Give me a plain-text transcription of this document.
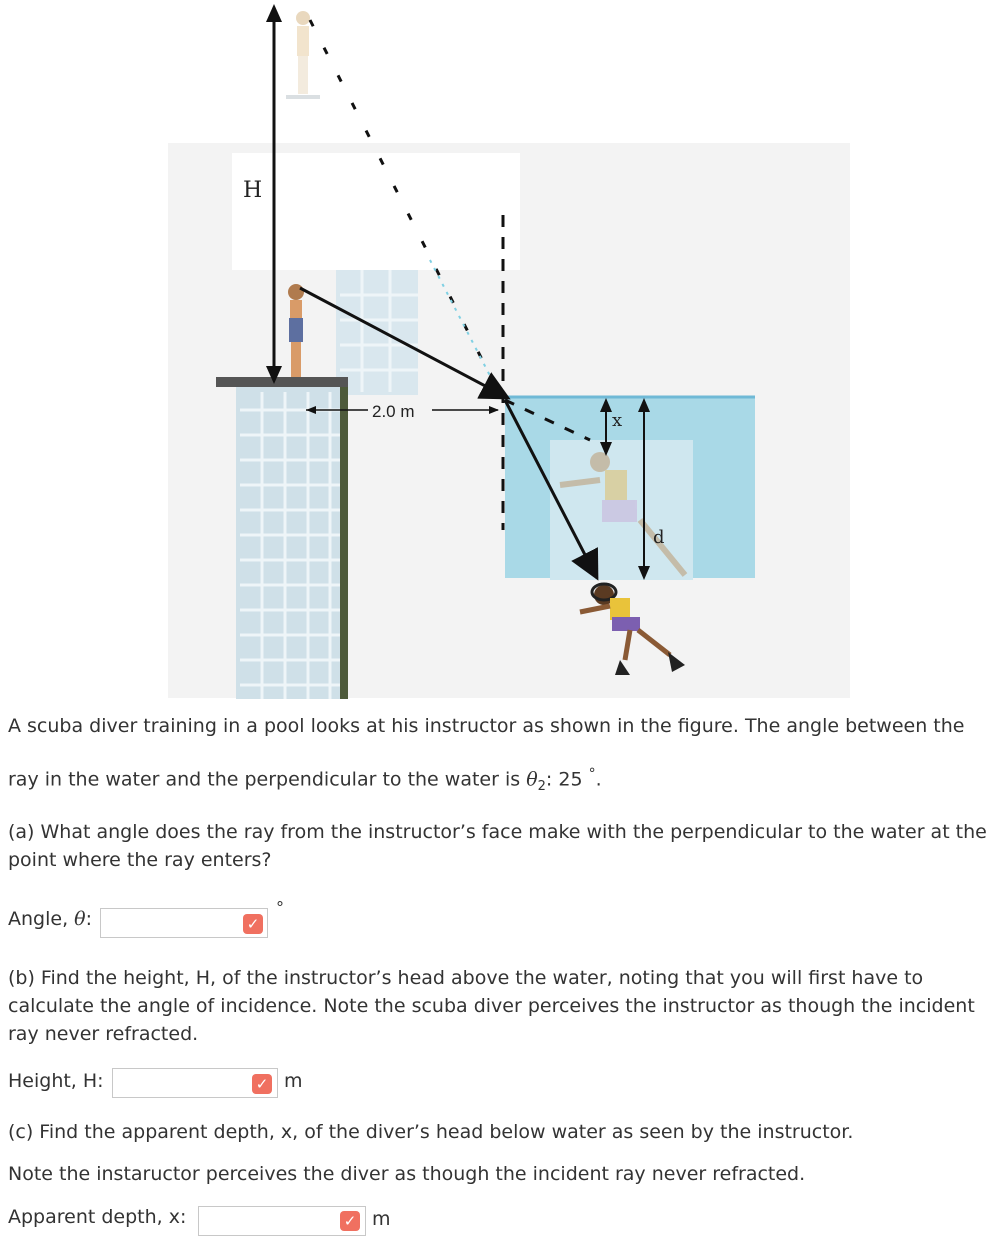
H
2.0 m	x
d
A scuba diver training in a pool looks at his instructor as shown in the figure. The angle between the
ray in the water and the perpendicular to the water is $\theta_2$: 25 °.
(a) What angle does the ray from the instructor’s face make with the perpendicular to the water at the point where the ray enters?
Angle, θ:	✓
°
(b) Find the height, H, of the instructor’s head above the water, noting that you will first have to calculate the angle of incidence. Note the scuba diver perceives the instructor as though the incident ray never refracted.
Height, H:	✓ m
(c) Find the apparent depth, x, of the diver’s head below water as seen by the instructor.
Note the instaructor perceives the diver as though the incident ray never refracted.
Apparent depth, x:	✓ m
